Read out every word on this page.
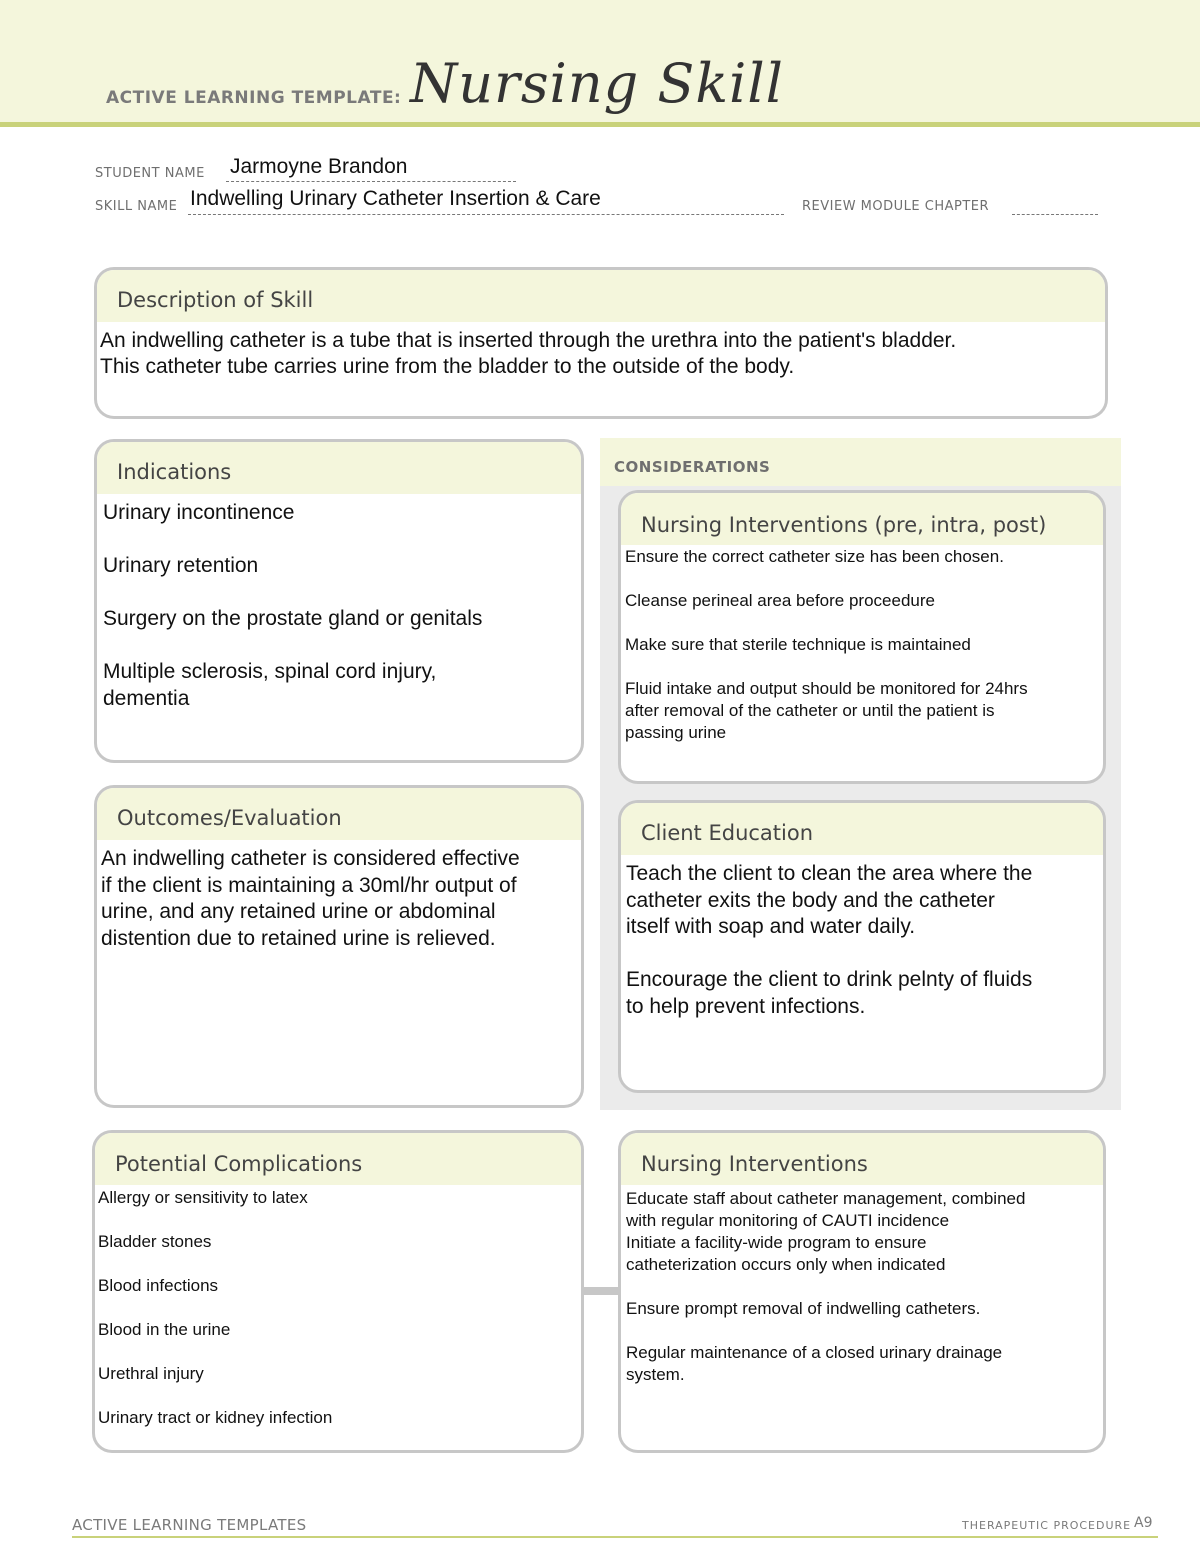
ACTIVE LEARNING TEMPLATE: Nursing Skill
STUDENT NAME Jarmoyne Brandon
SKILL NAME Indwelling Urinary Catheter Insertion & Care	REVIEW MODULE CHAPTER
Description of Skill
An indwelling catheter is a tube that is inserted through the urethra into the patient's bladder.
This catheter tube carries urine from the bladder to the outside of the body.
CONSIDERATIONS
Indications
Urinary incontinence

Urinary retention

Surgery on the prostate gland or genitals

Multiple sclerosis, spinal cord injury,
dementia
Nursing Interventions (pre, intra, post)
Ensure the correct catheter size has been chosen.

Cleanse perineal area before proceedure

Make sure that sterile technique is maintained

Fluid intake and output should be monitored for 24hrs
after removal of the catheter or until the patient is
passing urine
Outcomes/Evaluation
An indwelling catheter is considered effective
if the client is maintaining a 30ml/hr output of
urine, and any retained urine or abdominal
distention due to retained urine is relieved.
Client Education
Teach the client to clean the area where the
catheter exits the body and the catheter
itself with soap and water daily.

Encourage the client to drink pelnty of fluids
to help prevent infections.
Potential Complications
Allergy or sensitivity to latex

Bladder stones

Blood infections

Blood in the urine

Urethral injury

Urinary tract or kidney infection
Nursing Interventions
Educate staff about catheter management, combined
with regular monitoring of CAUTI incidence
Initiate a facility-wide program to ensure
catheterization occurs only when indicated

Ensure prompt removal of indwelling catheters.

Regular maintenance of a closed urinary drainage
system.
ACTIVE LEARNING TEMPLATES	THERAPEUTIC PROCEDURE A9
